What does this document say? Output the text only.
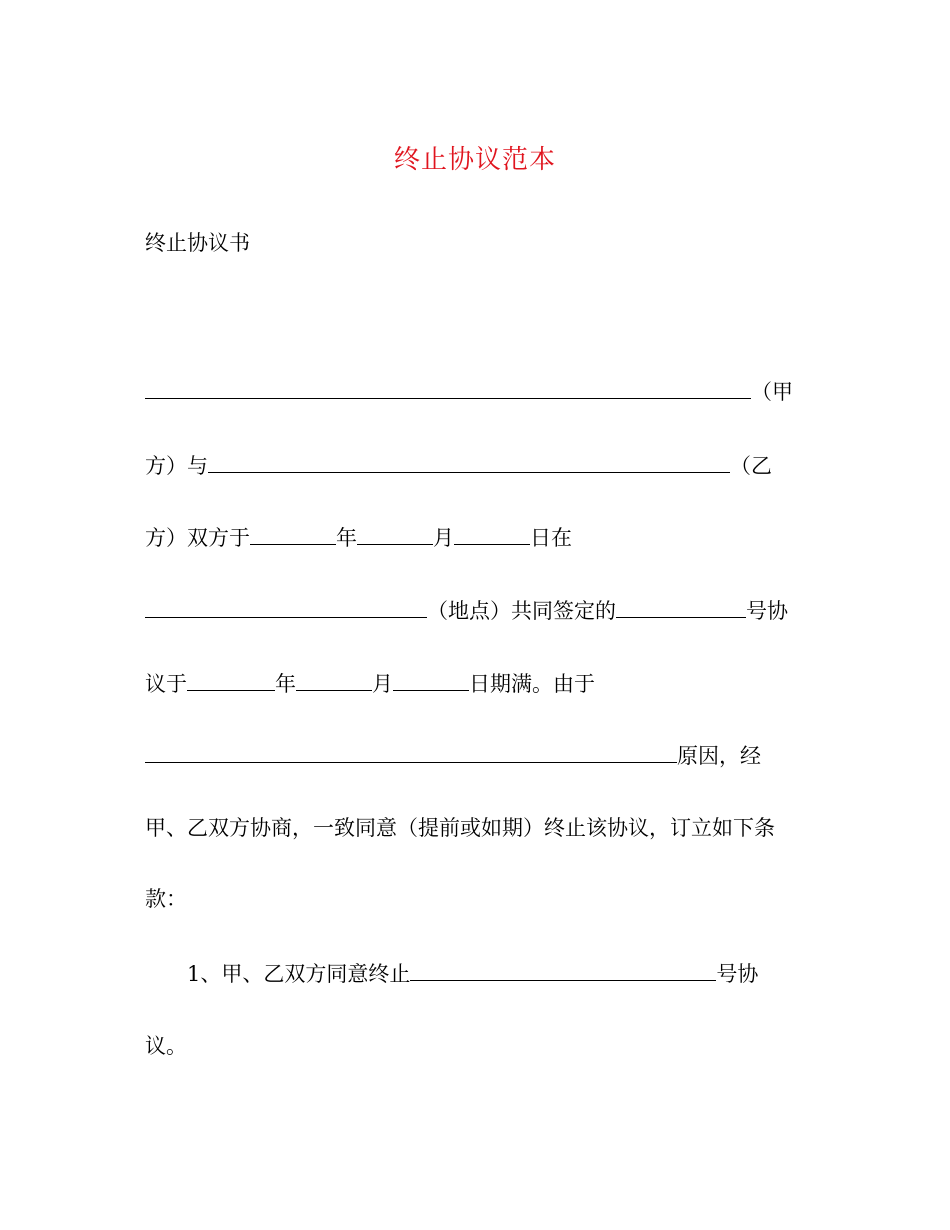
终止协议范本
终止协议书
（甲
方）与	（乙
方）双方于	年	月	日在
（地点）共同签定的	号协
议于	年	月	日期满。由于
原因，经
甲、乙双方协商，一致同意（提前或如期）终止该协议，订立如下条
款：
1、甲、乙双方同意终止	号协
议。
